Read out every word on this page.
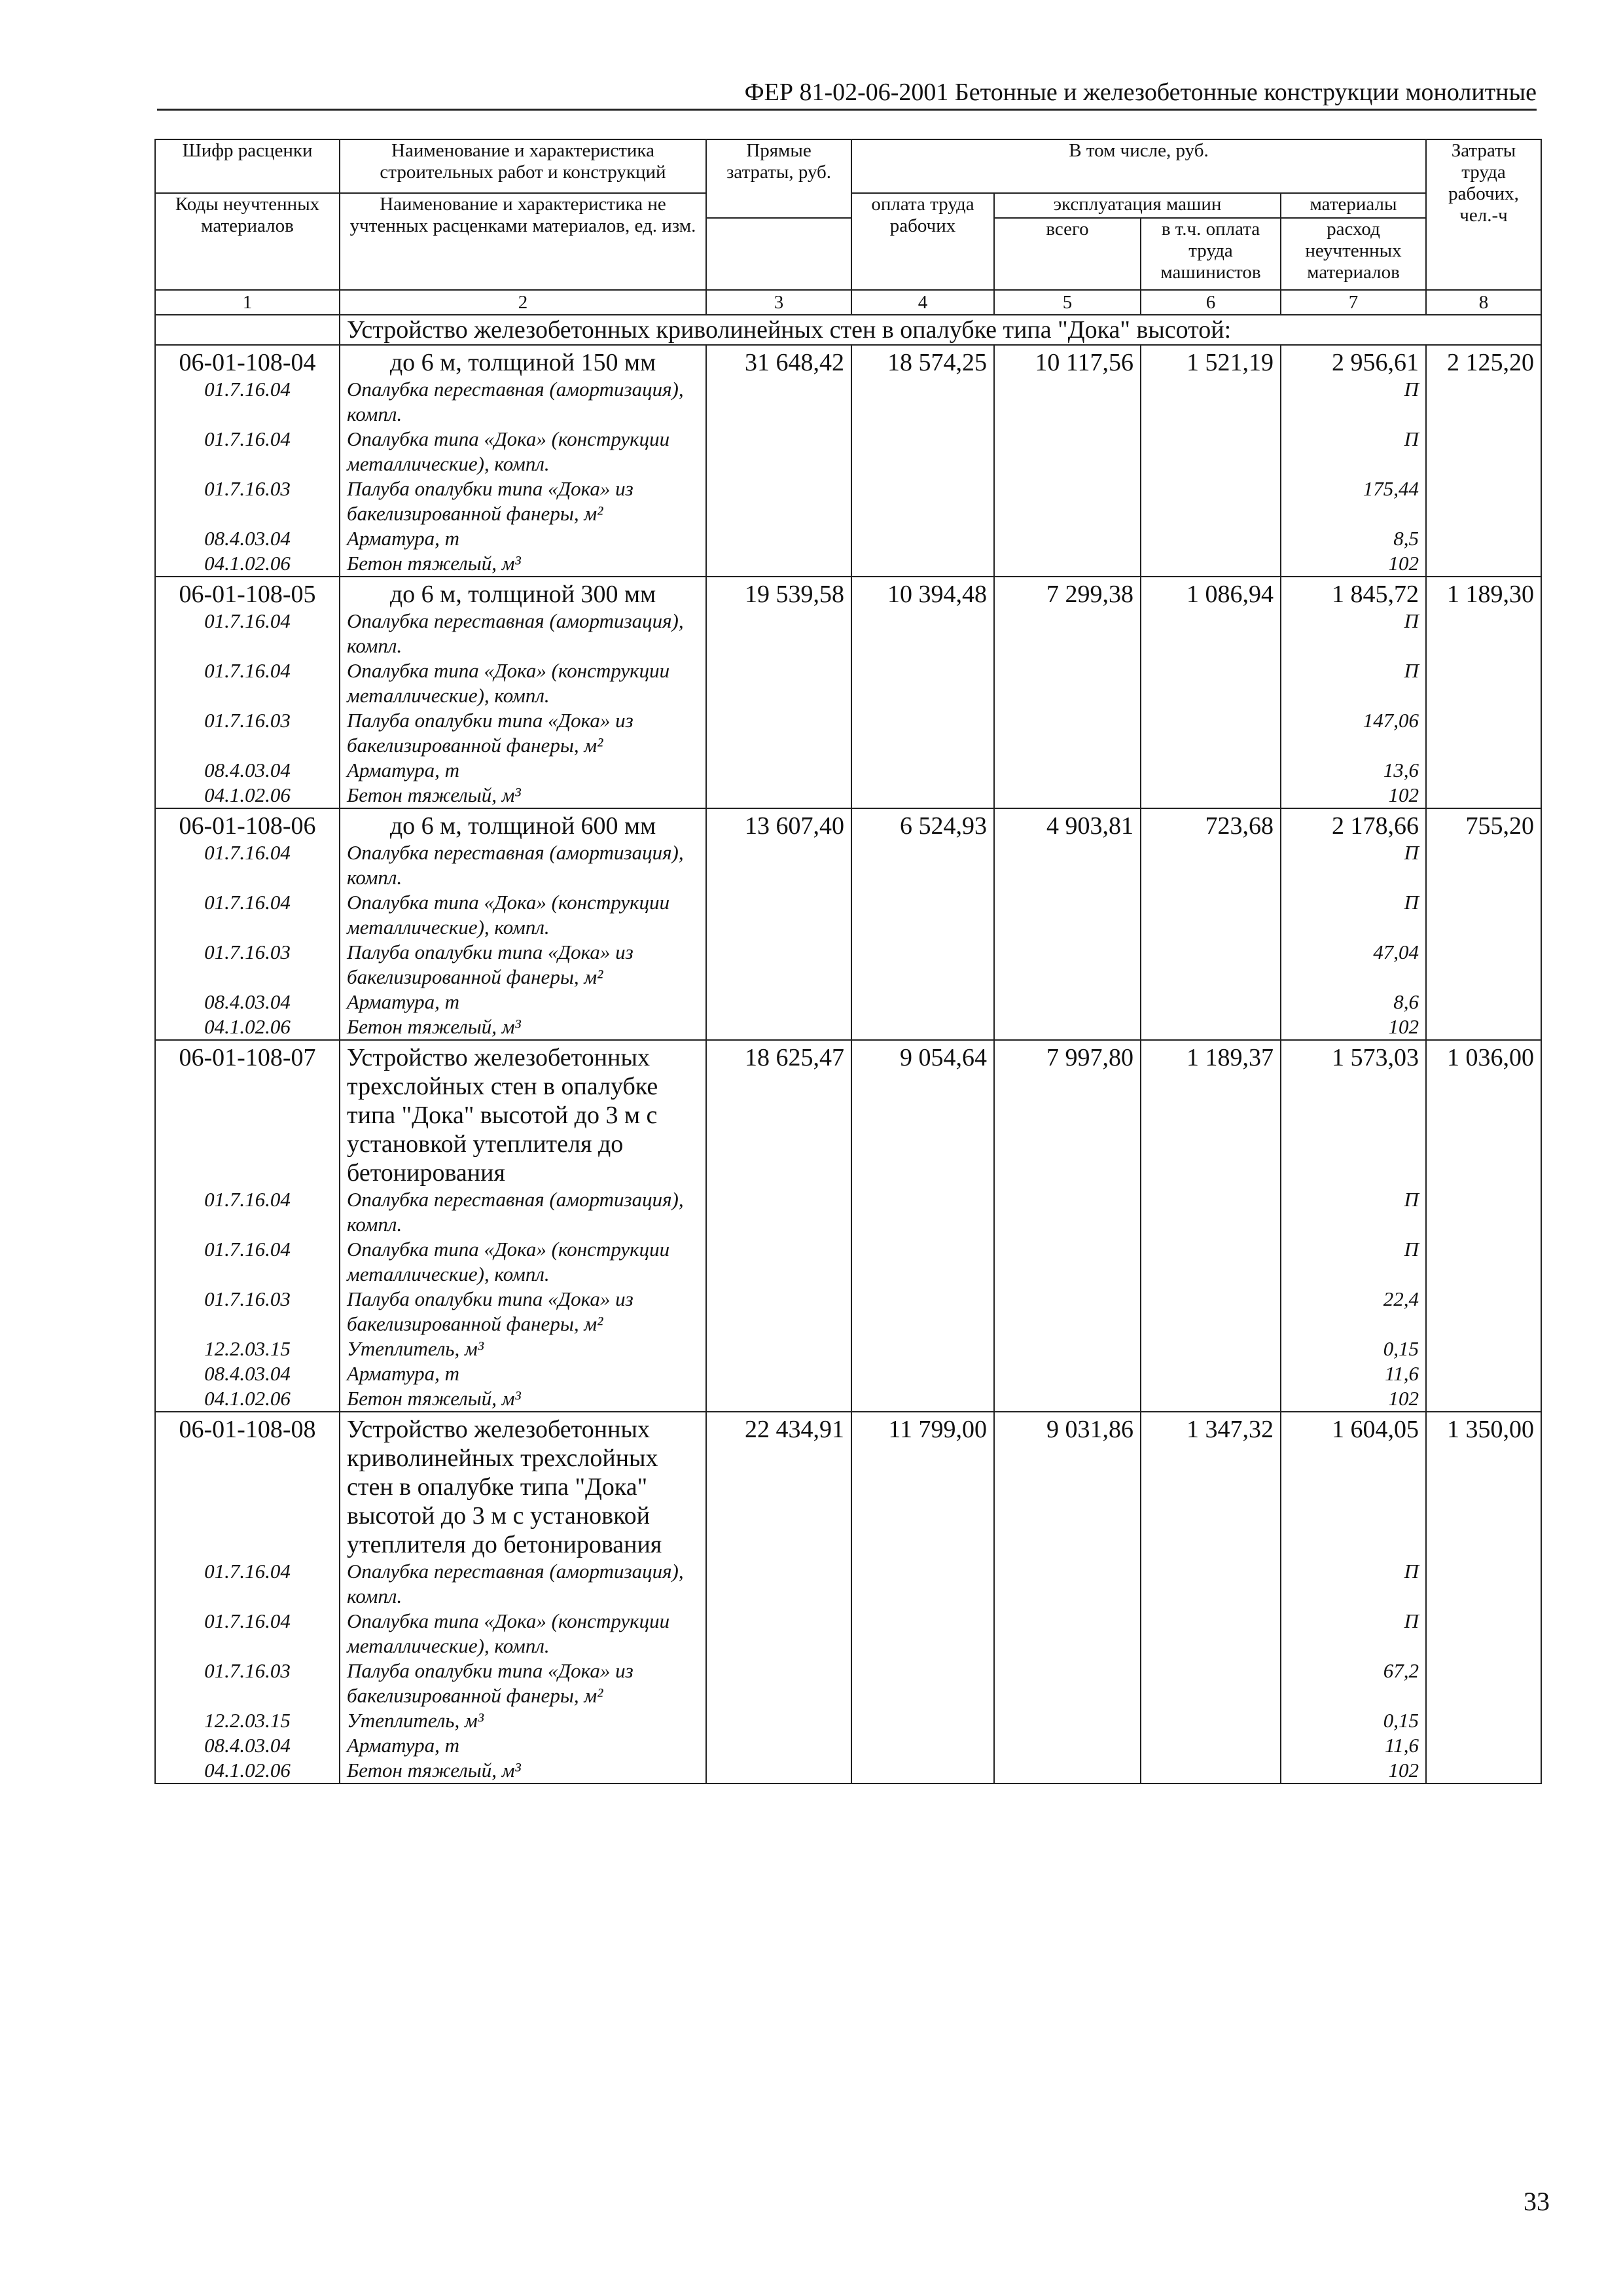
ФЕР 81-02-06-2001 Бетонные и железобетонные конструкции монолитные
Шифр расценки	Наименование и характеристика строительных работ и конструкций	Прямые затраты, руб.	В том числе, руб.				Затраты труда рабочих, чел.-ч
Коды неучтенных материалов	Наименование и характеристика не учтенных расценками материалов, ед. изм.						
			оплата труда рабочих	эксплуатация машин		материалы	
				всего	в т.ч. оплата труда машинистов	расход неучтенных материалов	
1	2	3	4	5	6	7	8
	Устройство железобетонных криволинейных стен в опалубке типа "Дока" высотой:						
06-01-108-04	до 6 м, толщиной 150 мм	31 648,42	18 574,25	10 117,56	1 521,19	2 956,61	2 125,20
01.7.16.04	Опалубка переставная (амортизация), компл.					П	
01.7.16.04	Опалубка типа «Дока» (конструкции металлические), компл.					П	
01.7.16.03	Палуба опалубки типа «Дока» из бакелизированной фанеры, м²					175,44	
08.4.03.04	Арматура, т					8,5	
04.1.02.06	Бетон тяжелый, м³					102	
06-01-108-05	до 6 м, толщиной 300 мм	19 539,58	10 394,48	7 299,38	1 086,94	1 845,72	1 189,30
01.7.16.04	Опалубка переставная (амортизация), компл.					П	
01.7.16.04	Опалубка типа «Дока» (конструкции металлические), компл.					П	
01.7.16.03	Палуба опалубки типа «Дока» из бакелизированной фанеры, м²					147,06	
08.4.03.04	Арматура, т					13,6	
04.1.02.06	Бетон тяжелый, м³					102	
06-01-108-06	до 6 м, толщиной 600 мм	13 607,40	6 524,93	4 903,81	723,68	2 178,66	755,20
01.7.16.04	Опалубка переставная (амортизация), компл.					П	
01.7.16.04	Опалубка типа «Дока» (конструкции металлические), компл.					П	
01.7.16.03	Палуба опалубки типа «Дока» из бакелизированной фанеры, м²					47,04	
08.4.03.04	Арматура, т					8,6	
04.1.02.06	Бетон тяжелый, м³					102	
06-01-108-07	Устройство железобетонных трехслойных стен в опалубке типа "Дока" высотой до 3 м с установкой утеплителя до бетонирования	18 625,47	9 054,64	7 997,80	1 189,37	1 573,03	1 036,00
01.7.16.04	Опалубка переставная (амортизация), компл.					П	
01.7.16.04	Опалубка типа «Дока» (конструкции металлические), компл.					П	
01.7.16.03	Палуба опалубки типа «Дока» из бакелизированной фанеры, м²					22,4	
12.2.03.15	Утеплитель, м³					0,15	
08.4.03.04	Арматура, т					11,6	
04.1.02.06	Бетон тяжелый, м³					102	
06-01-108-08	Устройство железобетонных криволинейных трехслойных стен в опалубке типа "Дока" высотой до 3 м с установкой утеплителя до бетонирования	22 434,91	11 799,00	9 031,86	1 347,32	1 604,05	1 350,00
01.7.16.04	Опалубка переставная (амортизация), компл.					П	
01.7.16.04	Опалубка типа «Дока» (конструкции металлические), компл.					П	
01.7.16.03	Палуба опалубки типа «Дока» из бакелизированной фанеры, м²					67,2	
12.2.03.15	Утеплитель, м³					0,15	
08.4.03.04	Арматура, т					11,6	
04.1.02.06	Бетон тяжелый, м³					102	
33
